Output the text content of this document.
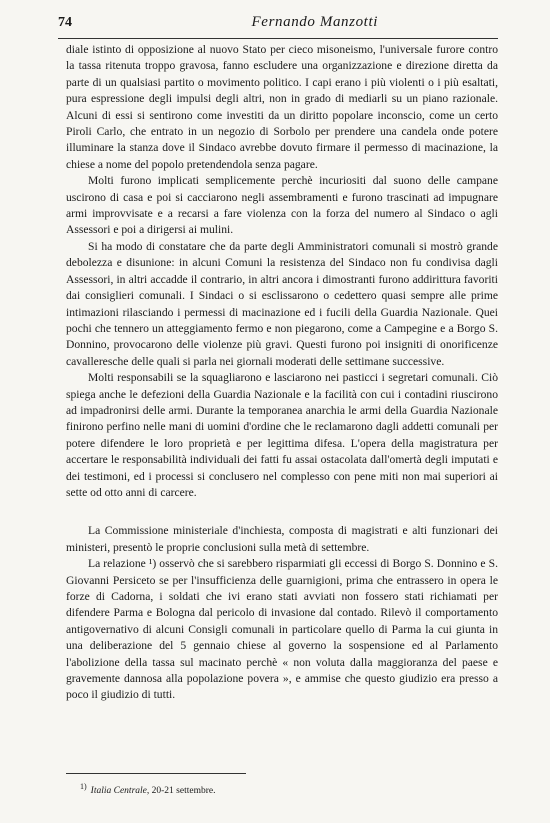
74	Fernando Manzotti

diale istinto di opposizione al nuovo Stato per cieco misoneismo, l'universale furore contro la tassa ritenuta troppo gravosa, fanno escludere una organizzazione e direzione diretta da parte di un qualsiasi partito o movimento politico. I capi erano i più violenti o i più esaltati, pura espressione degli impulsi degli altri, non in grado di mediarli su un piano razionale. Alcuni di essi si sentirono come investiti da un diritto popolare inconscio, come un certo Piroli Carlo, che entrato in un negozio di Sorbolo per prendere una candela onde potere illuminare la stanza dove il Sindaco avrebbe dovuto firmare il permesso di macinazione, la chiese a nome del popolo pretendendola senza pagare.

Molti furono implicati semplicemente perchè incuriositi dal suono delle campane uscirono di casa e poi si cacciarono negli assembramenti e furono trascinati ad impugnare armi improvvisate e a recarsi a fare violenza con la forza del numero al Sindaco o agli Assessori e poi a dirigersi ai mulini.

Si ha modo di constatare che da parte degli Amministratori comunali si mostrò grande debolezza e disunione: in alcuni Comuni la resistenza del Sindaco non fu condivisa dagli Assessori, in altri accadde il contrario, in altri ancora i dimostranti furono addirittura favoriti dai consiglieri comunali. I Sindaci o si esclissarono o cedettero quasi sempre alle prime intimazioni rilasciando i permessi di macinazione ed i fucili della Guardia Nazionale. Quei pochi che tennero un atteggiamento fermo e non piegarono, come a Campegine e a Borgo S. Donnino, provocarono delle violenze più gravi. Questi furono poi insigniti di onorificenze cavalleresche delle quali si parla nei giornali moderati delle settimane successive.

Molti responsabili se la squagliarono e lasciarono nei pasticci i segretari comunali. Ciò spiega anche le defezioni della Guardia Nazionale e la facilità con cui i contadini riuscirono ad impadronirsi delle armi. Durante la temporanea anarchia le armi della Guardia Nazionale finirono perfino nelle mani di uomini d'ordine che le reclamarono dagli addetti comunali per potere difendere le loro proprietà e per legittima difesa. L'opera della magistratura per accertare le responsabilità individuali dei fatti fu assai ostacolata dall'omertà degli imputati e dei testimoni, ed i processi si conclusero nel complesso con pene miti non mai superiori ai sette od otto anni di carcere.

La Commissione ministeriale d'inchiesta, composta di magistrati e alti funzionari dei ministeri, presentò le proprie conclusioni sulla metà di settembre.

La relazione ¹) osservò che si sarebbero risparmiati gli eccessi di Borgo S. Donnino e S. Giovanni Persiceto se per l'insufficienza delle guarnigioni, prima che entrassero in opera le forze di Cadorna, i soldati che ivi erano stati avviati non fossero stati richiamati per difendere Parma e Bologna dal pericolo di invasione dal contado. Rilevò il comportamento antigovernativo di alcuni Consigli comunali in particolare quello di Parma la cui giunta in una deliberazione del 5 gennaio chiese al governo la sospensione ed al Parlamento l'abolizione della tassa sul macinato perchè « non voluta dalla maggioranza del paese e gravemente dannosa alla popolazione povera », e ammise che questo giudizio era presso a poco il giudizio di tutti.

$^{1)}$ Italia Centrale, 20-21 settembre.
